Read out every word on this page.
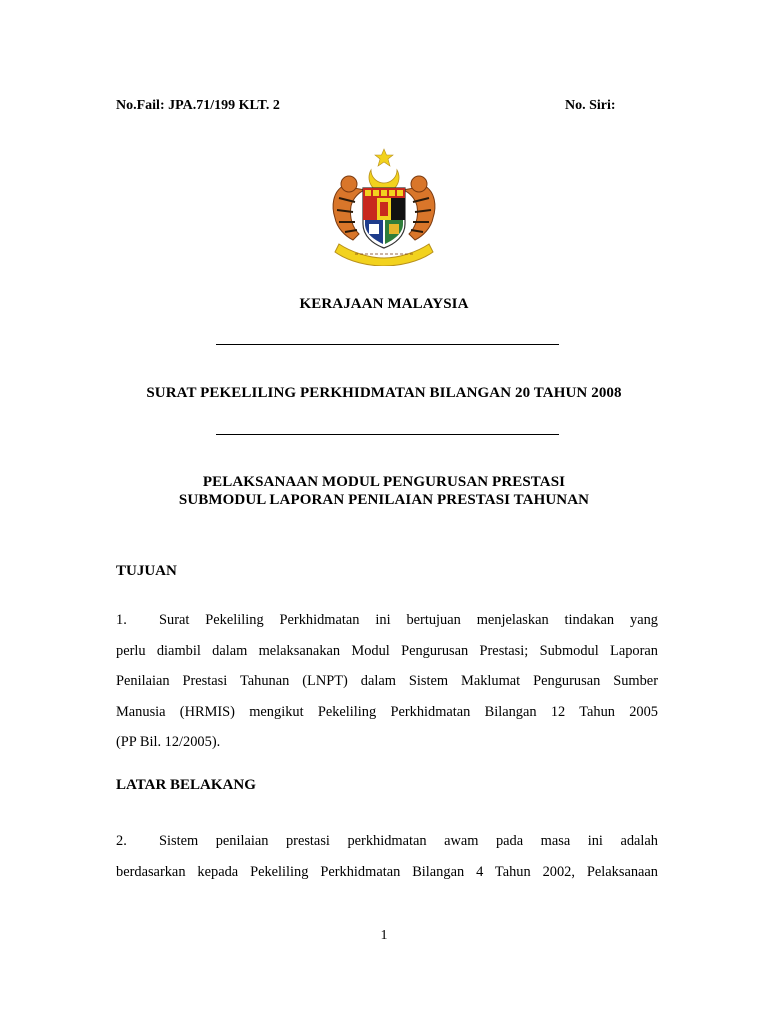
No.Fail: JPA.71/199 KLT. 2	No. Siri:
KERAJAAN MALAYSIA
SURAT PEKELILING PERKHIDMATAN BILANGAN 20 TAHUN 2008
PELAKSANAAN MODUL PENGURUSAN PRESTASI
SUBMODUL LAPORAN PENILAIAN PRESTASI TAHUNAN
TUJUAN
1.	Surat Pekeliling Perkhidmatan ini bertujuan menjelaskan tindakan yang
perlu diambil dalam melaksanakan Modul Pengurusan Prestasi; Submodul Laporan
Penilaian Prestasi Tahunan (LNPT) dalam Sistem Maklumat Pengurusan Sumber
Manusia (HRMIS) mengikut Pekeliling Perkhidmatan Bilangan 12 Tahun 2005
(PP Bil. 12/2005).
LATAR BELAKANG
2.	Sistem penilaian prestasi perkhidmatan awam pada masa ini adalah
berdasarkan kepada Pekeliling Perkhidmatan Bilangan 4 Tahun 2002, Pelaksanaan
1
